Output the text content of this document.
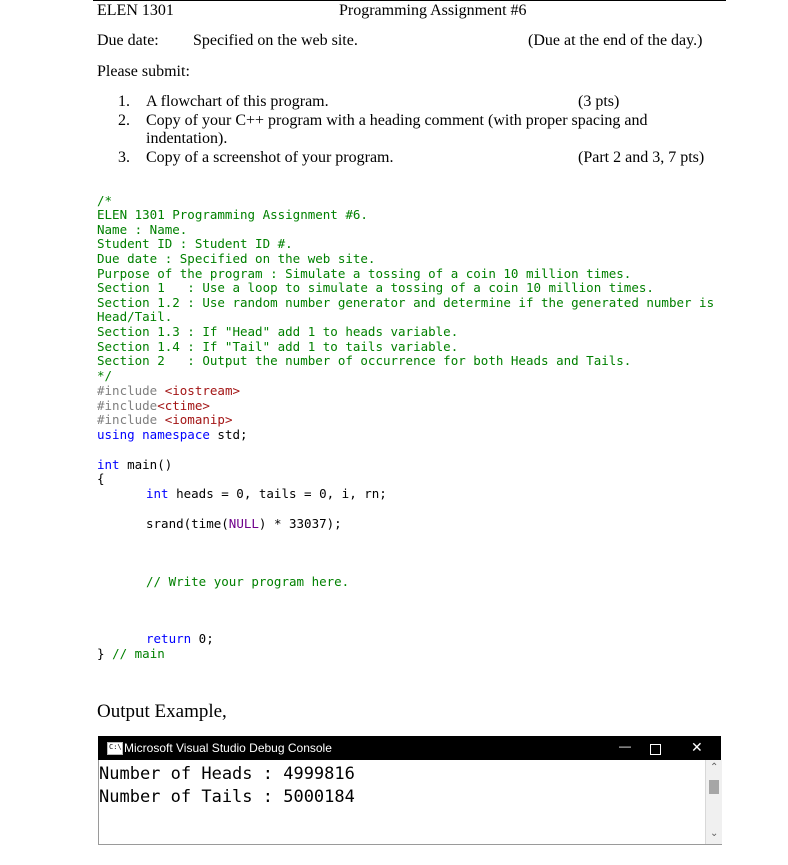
ELEN 1301	Programming Assignment #6
Due date: Specified on the web site.	(Due at the end of the day.)
Please submit:
1.	A flowchart of this program.	(3 pts)
2.	Copy of your C++ program with a heading comment (with proper spacing and
indentation).
3.	Copy of a screenshot of your program.	(Part 2 and 3, 7 pts)

/*
ELEN 1301 Programming Assignment #6.
Name : Name.
Student ID : Student ID #.
Due date : Specified on the web site.
Purpose of the program : Simulate a tossing of a coin 10 million times.
Section 1   : Use a loop to simulate a tossing of a coin 10 million times.
Section 1.2 : Use random number generator and determine if the generated number is
Head/Tail.
Section 1.3 : If "Head" add 1 to heads variable.
Section 1.4 : If "Tail" add 1 to tails variable.
Section 2   : Output the number of occurrence for both Heads and Tails.
*/

#include <iostream>
#include<ctime>
#include <iomanip>
using namespace std;
int main()
{
int heads = 0, tails = 0, i, rn;
srand(time(NULL) * 33037);
// Write your program here.
return 0;
} // main
Output Example,
C:\ Microsoft Visual Studio Debug Console	—	✕
Number of Heads : 4999816
Number of Tails : 5000184
⌃
⌄
